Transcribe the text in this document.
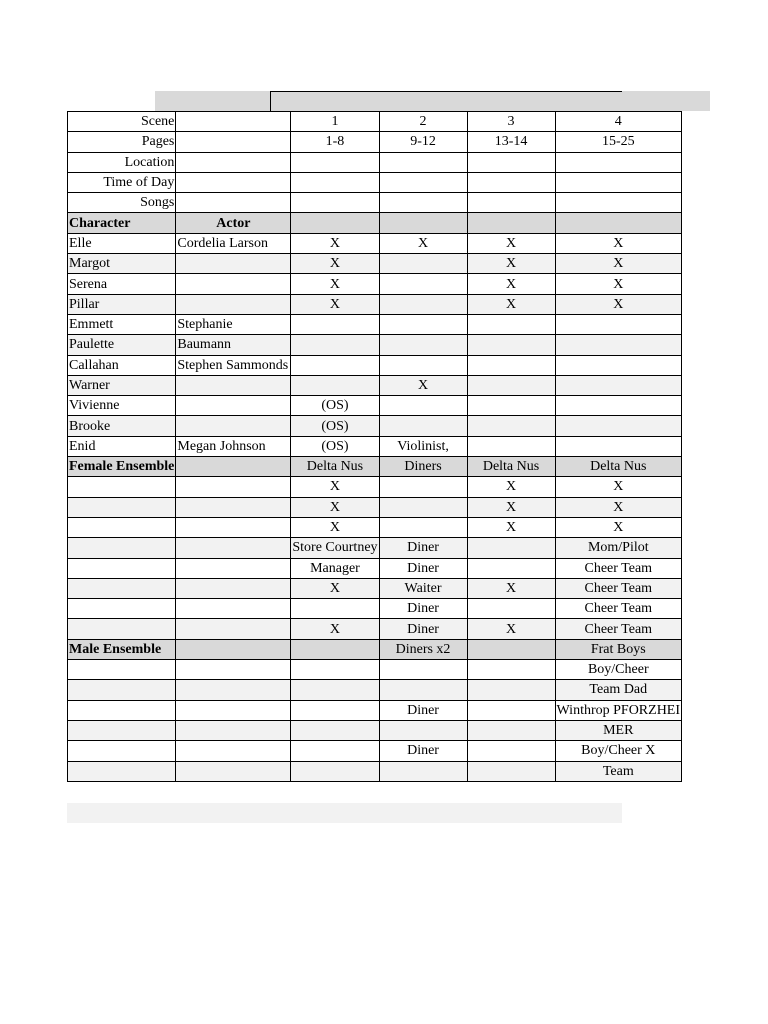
Scene		1	2	3	4
Pages		1-8	9-12	13-14	15-25
Location					
Time of Day					
Songs					
Character	Actor				
Elle	Cordelia Larson	X	X	X	X
Margot		X		X	X
Serena		X		X	X
Pillar		X		X	X
Emmett	Stephanie				
Paulette	Baumann				
Callahan	Stephen Sammonds				
Warner			X		
Vivienne		(OS)			
Brooke		(OS)			
Enid	Megan Johnson	(OS)	Violinist,		
Female Ensemble		Delta Nus	Diners	Delta Nus	Delta Nus
		X		X	X
		X		X	X
		X		X	X
		Store Courtney	Diner		Mom/Pilot
		Manager	Diner		Cheer Team
		X	Waiter	X	Cheer Team
			Diner		Cheer Team
		X	Diner	X	Cheer Team
Male Ensemble			Diners x2		Frat Boys
					Boy/Cheer
					Team Dad
			Diner		Winthrop PFORZHEI
					MER
			Diner		Boy/Cheer X
					Team
